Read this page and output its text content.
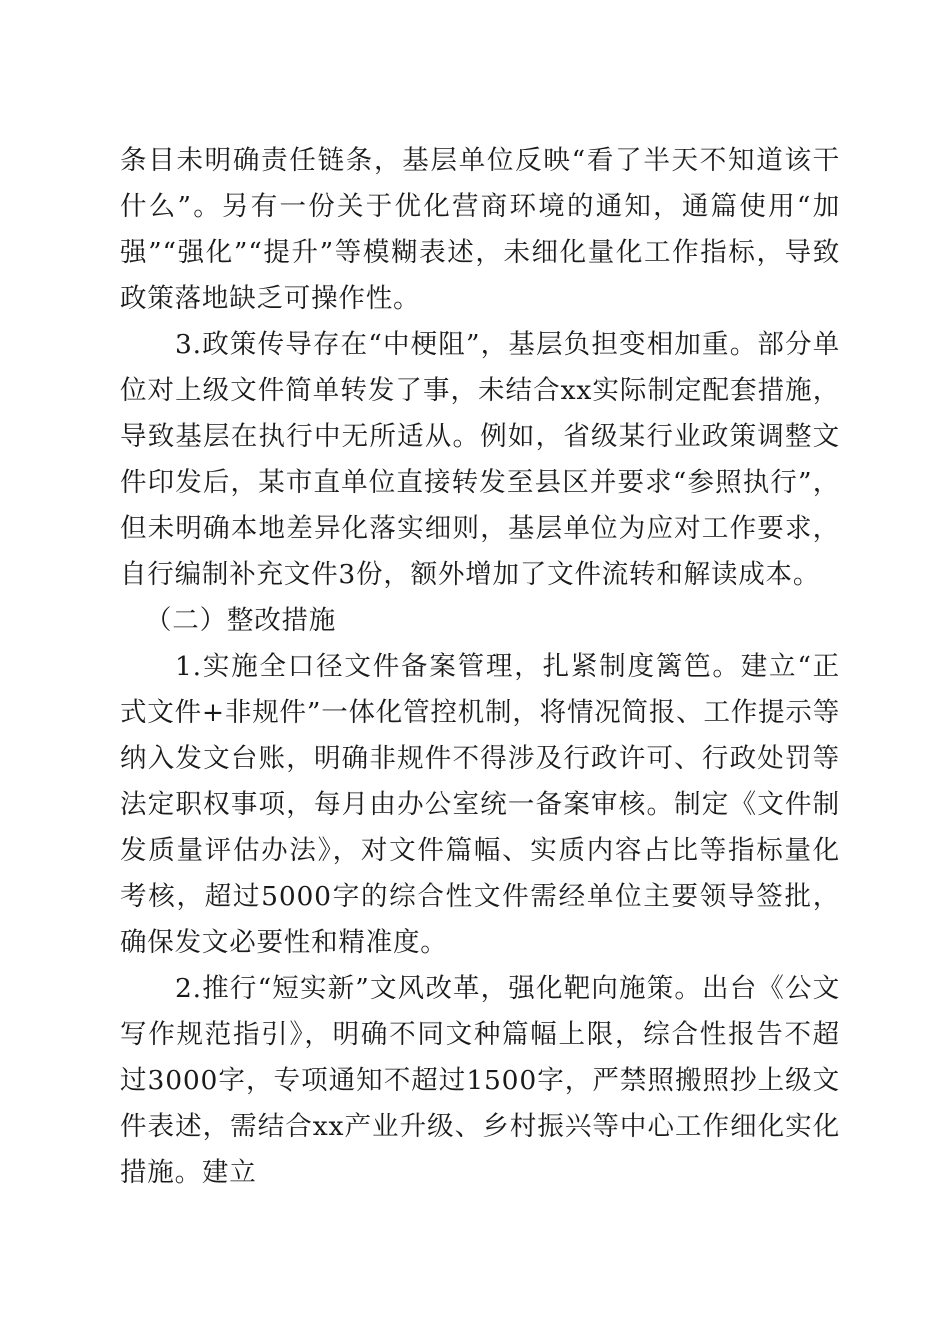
条目未明确责任链条，基层单位反映“看了半天不知道该干什么”。另有一份关于优化营商环境的通知，通篇使用“加强”“强化”“提升”等模糊表述，未细化量化工作指标，导致政策落地缺乏可操作性。

3.政策传导存在“中梗阻”，基层负担变相加重。部分单位对上级文件简单转发了事，未结合xx实际制定配套措施，导致基层在执行中无所适从。例如，省级某行业政策调整文件印发后，某市直单位直接转发至县区并要求“参照执行”，但未明确本地差异化落实细则，基层单位为应对工作要求，自行编制补充文件3份，额外增加了文件流转和解读成本。

（二）整改措施

1.实施全口径文件备案管理，扎紧制度篱笆。建立“正式文件+非规件”一体化管控机制，将情况简报、工作提示等纳入发文台账，明确非规件不得涉及行政许可、行政处罚等法定职权事项，每月由办公室统一备案审核。制定《文件制发质量评估办法》，对文件篇幅、实质内容占比等指标量化考核，超过5000字的综合性文件需经单位主要领导签批，确保发文必要性和精准度。

2.推行“短实新”文风改革，强化靶向施策。出台《公文写作规范指引》，明确不同文种篇幅上限，综合性报告不超过3000字，专项通知不超过1500字，严禁照搬照抄上级文件表述，需结合xx产业升级、乡村振兴等中心工作细化实化措施。建立
